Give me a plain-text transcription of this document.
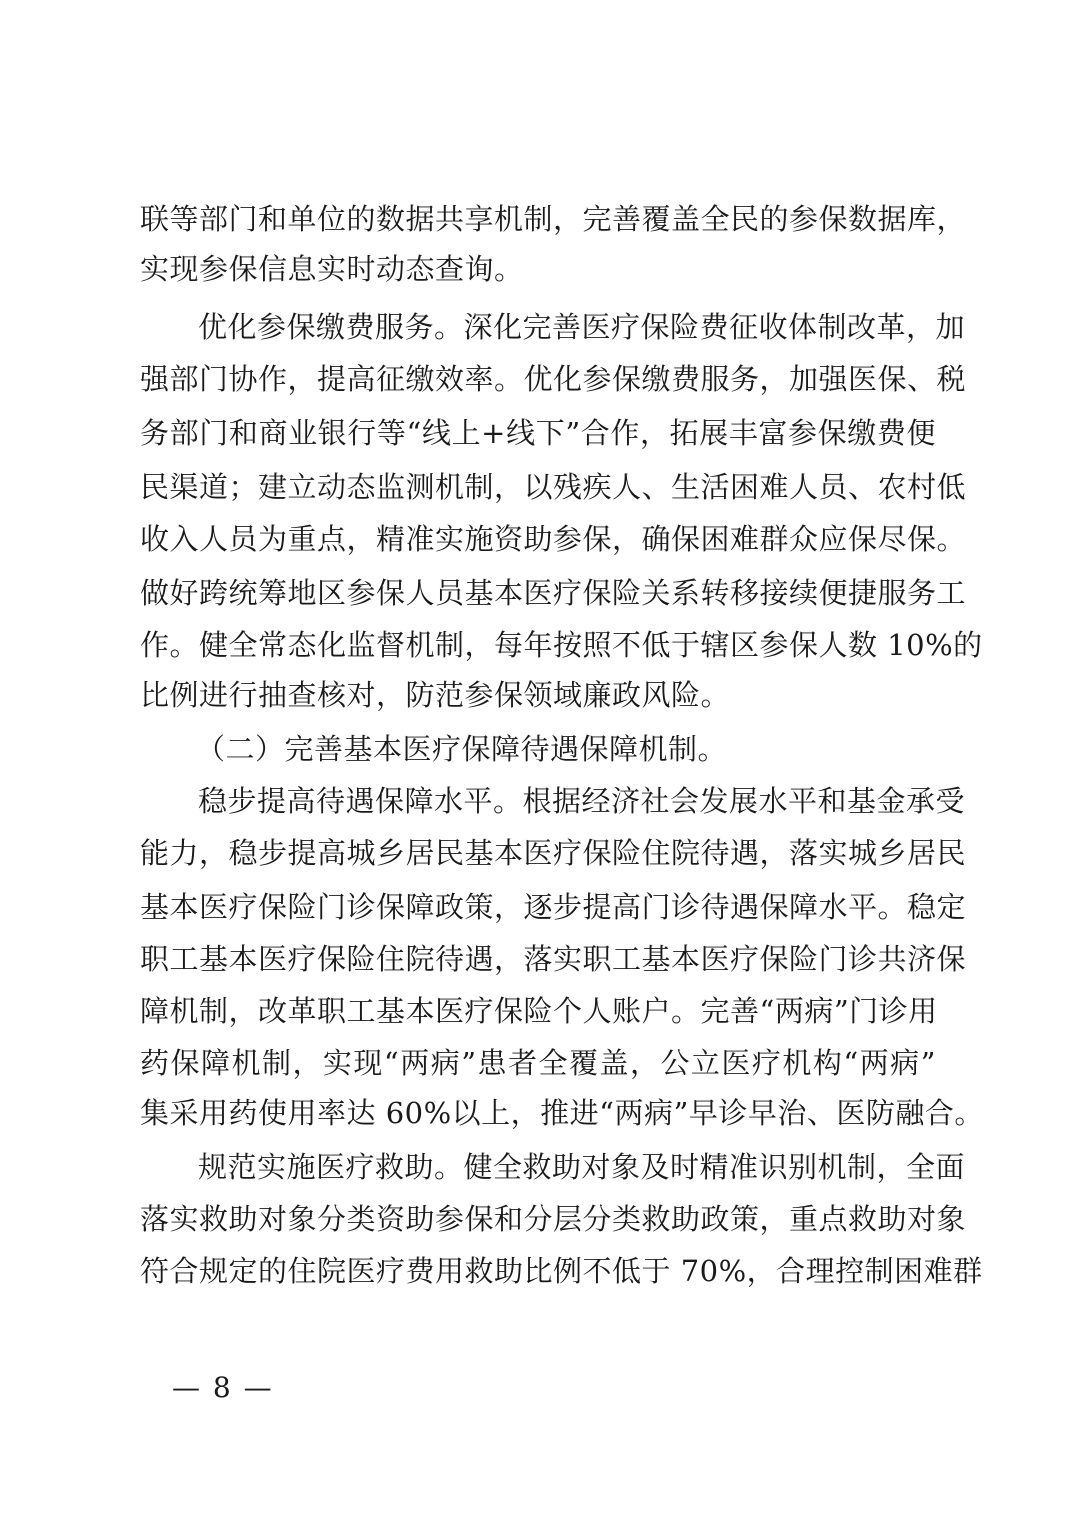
联等部门和单位的数据共享机制，完善覆盖全民的参保数据库，
实现参保信息实时动态查询。
优化参保缴费服务。深化完善医疗保险费征收体制改革，加
强部门协作，提高征缴效率。优化参保缴费服务，加强医保、税
务部门和商业银行等“线上+线下”合作，拓展丰富参保缴费便
民渠道；建立动态监测机制，以残疾人、生活困难人员、农村低
收入人员为重点，精准实施资助参保，确保困难群众应保尽保。
做好跨统筹地区参保人员基本医疗保险关系转移接续便捷服务工
作。健全常态化监督机制，每年按照不低于辖区参保人数 10%的
比例进行抽查核对，防范参保领域廉政风险。
（二）完善基本医疗保障待遇保障机制。
稳步提高待遇保障水平。根据经济社会发展水平和基金承受
能力，稳步提高城乡居民基本医疗保险住院待遇，落实城乡居民
基本医疗保险门诊保障政策，逐步提高门诊待遇保障水平。稳定
职工基本医疗保险住院待遇，落实职工基本医疗保险门诊共济保
障机制，改革职工基本医疗保险个人账户。完善“两病”门诊用
药保障机制，实现“两病”患者全覆盖，公立医疗机构“两病”
集采用药使用率达 60%以上，推进“两病”早诊早治、医防融合。
规范实施医疗救助。健全救助对象及时精准识别机制，全面
落实救助对象分类资助参保和分层分类救助政策，重点救助对象
符合规定的住院医疗费用救助比例不低于 70%，合理控制困难群
— 8 —
